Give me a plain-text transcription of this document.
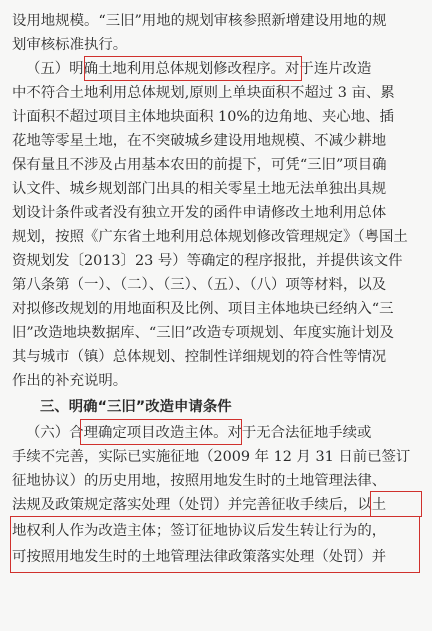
设用地规模。“三旧”用地的规划审核参照新增建设用地的规
划审核标准执行。
（五）明确土地利用总体规划修改程序。对于连片改造
中不符合土地利用总体规划,原则上单块面积不超过 3 亩、累
计面积不超过项目主体地块面积 10%的边角地、夹心地、插
花地等零星土地，在不突破城乡建设用地规模、不减少耕地
保有量且不涉及占用基本农田的前提下，可凭“三旧”项目确
认文件、城乡规划部门出具的相关零星土地无法单独出具规
划设计条件或者没有独立开发的函件申请修改土地利用总体
规划，按照《广东省土地利用总体规划修改管理规定》（粤国土
资规划发〔2013〕23 号）等确定的程序报批，并提供该文件
第八条第（一）、（二）、（三）、（五）、（八）项等材料，以及
对拟修改规划的用地面积及比例、项目主体地块已经纳入“三
旧”改造地块数据库、“三旧”改造专项规划、年度实施计划及
其与城市（镇）总体规划、控制性详细规划的符合性等情况
作出的补充说明。
三、明确“三旧”改造申请条件
（六）合理确定项目改造主体。对于无合法征地手续或
手续不完善，实际已实施征地（2009 年 12 月 31 日前已签订
征地协议）的历史用地，按照用地发生时的土地管理法律、
法规及政策规定落实处理（处罚）并完善征收手续后，以土
地权利人作为改造主体；签订征地协议后发生转让行为的，
可按照用地发生时的土地管理法律政策落实处理（处罚）并
